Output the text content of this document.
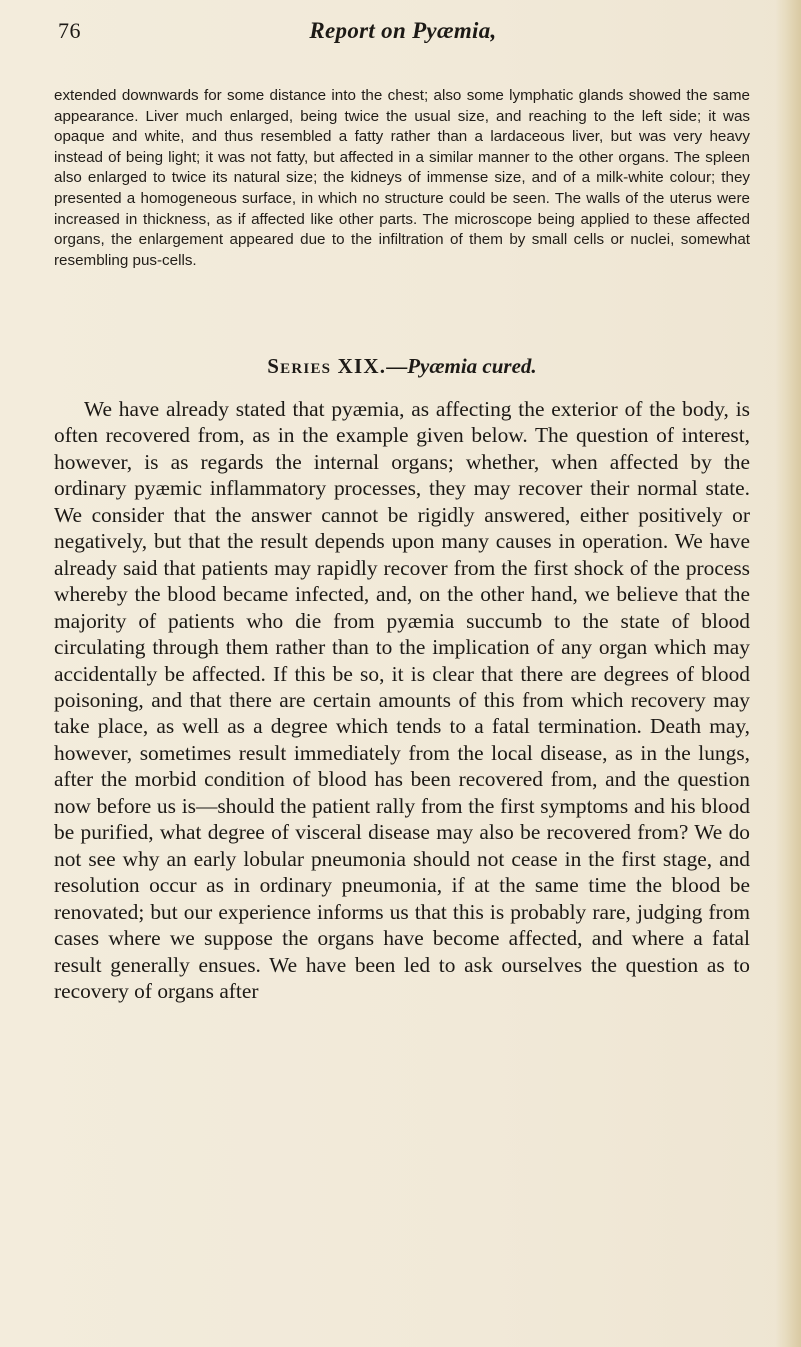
76	Report on Pyæmia,

extended downwards for some distance into the chest; also some lymphatic glands showed the same appearance. Liver much enlarged, being twice the usual size, and reaching to the left side; it was opaque and white, and thus resembled a fatty rather than a lardaceous liver, but was very heavy instead of being light; it was not fatty, but affected in a similar manner to the other organs. The spleen also enlarged to twice its natural size; the kidneys of immense size, and of a milk-white colour; they presented a homogeneous surface, in which no structure could be seen. The walls of the uterus were increased in thickness, as if affected like other parts. The microscope being applied to these affected organs, the enlargement appeared due to the infiltration of them by small cells or nuclei, somewhat resembling pus-cells.

Series XIX.—Pyæmia cured.

We have already stated that pyæmia, as affecting the exterior of the body, is often recovered from, as in the example given below. The question of interest, however, is as regards the internal organs; whether, when affected by the ordinary pyæmic inflammatory processes, they may recover their normal state. We consider that the answer cannot be rigidly answered, either positively or negatively, but that the result depends upon many causes in operation. We have already said that patients may rapidly recover from the first shock of the process whereby the blood became infected, and, on the other hand, we believe that the majority of patients who die from pyæmia succumb to the state of blood circulating through them rather than to the implication of any organ which may accidentally be affected. If this be so, it is clear that there are degrees of blood poisoning, and that there are certain amounts of this from which recovery may take place, as well as a degree which tends to a fatal termination. Death may, however, sometimes result immediately from the local disease, as in the lungs, after the morbid condition of blood has been recovered from, and the question now before us is—should the patient rally from the first symptoms and his blood be purified, what degree of visceral disease may also be recovered from? We do not see why an early lobular pneumonia should not cease in the first stage, and resolution occur as in ordinary pneumonia, if at the same time the blood be renovated; but our experience informs us that this is probably rare, judging from cases where we suppose the organs have become affected, and where a fatal result generally ensues. We have been led to ask ourselves the question as to recovery of organs after
